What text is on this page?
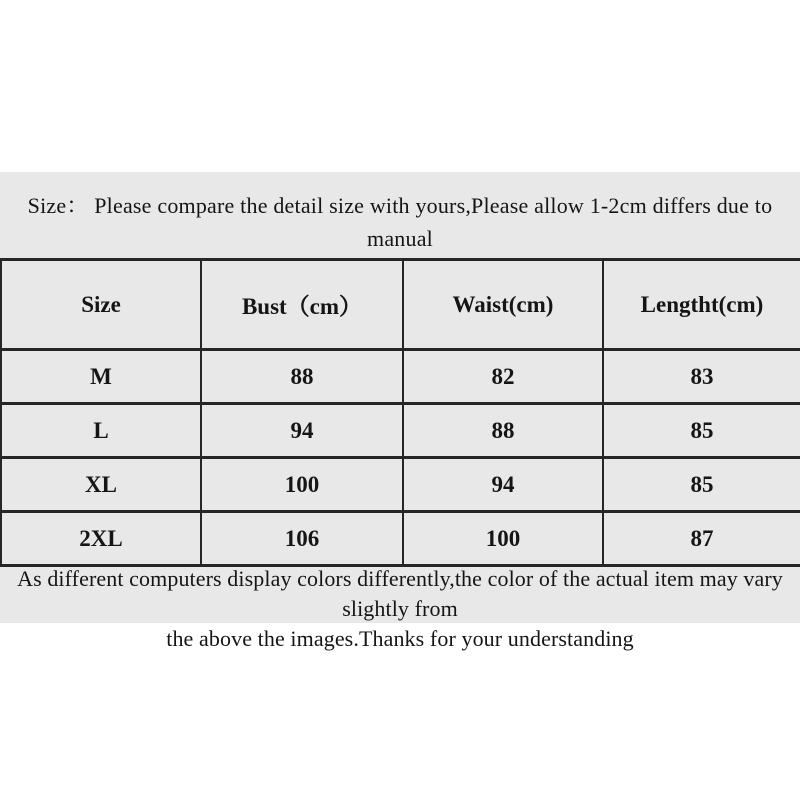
Size： Please compare the detail size with yours,Please allow 1-2cm differs due to manual
Size	Bust（cm）	Waist(cm)	Lengtht(cm)
M	88	82	83
L	94	88	85
XL	100	94	85
2XL	106	100	87
As different computers display colors differently,the color of the actual item may vary slightly from
the above the images.Thanks for your understanding
